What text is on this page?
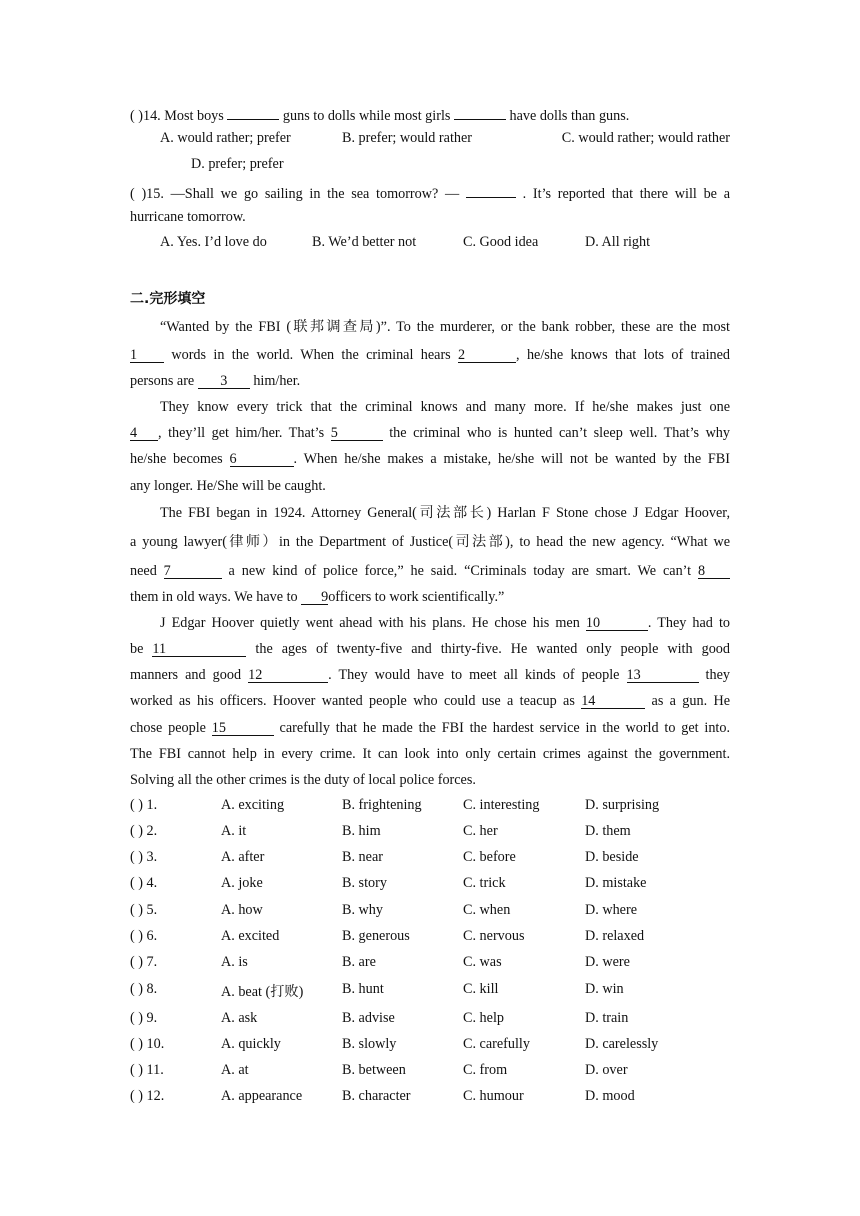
( )14. Most boys	guns to dolls while most girls	have dolls than guns.
A. would rather; prefer	B. prefer; would rather	C. would rather; would rather
D. prefer; prefer
( )15. —Shall we go sailing in the sea tomorrow? —	. It’s reported that there will be a
hurricane tomorrow.
A. Yes. I’d love do	B. We’d better not	C. Good idea	D. All right
二.完形填空
“Wanted by the FBI (联邦调查局)”. To the murderer, or the bank robber, these are the most
1 words in the world. When the criminal hears 2	, he/she knows that lots of trained
persons are 3 him/her.
They know every trick that the criminal knows and many more. If he/she makes just one
4 , they’ll get him/her. That’s 5	the criminal who is hunted can’t sleep well. That’s why
he/she becomes 6	. When he/she makes a mistake, he/she will not be wanted by the FBI
any longer. He/She will be caught.
The FBI began in 1924. Attorney General(司法部长) Harlan F Stone chose J Edgar Hoover,
a young lawyer(律师）in the Department of Justice(司法部), to head the new agency. “What we
need 7	a new kind of police force,” he said. “Criminals today are smart. We can’t 8
them in old ways. We have to 9officers to work scientifically.”
J Edgar Hoover quietly went ahead with his plans. He chose his men 10	. They had to
be 11	the ages of twenty-five and thirty-five. He wanted only people with good
manners and good 12	. They would have to meet all kinds of people 13	they
worked as his officers. Hoover wanted people who could use a teacup as 14	as a gun. He
chose people 15	carefully that he made the FBI the hardest service in the world to get into.
The FBI cannot help in every crime. It can look into only certain crimes against the government.
Solving all the other crimes is the duty of local police forces.
( ) 1.	A. exciting	B. frightening	C. interesting	D. surprising
( ) 2.	A. it	B. him	C. her	D. them
( ) 3.	A. after	B. near	C. before	D. beside
( ) 4.	A. joke	B. story	C. trick	D. mistake
( ) 5.	A. how	B. why	C. when	D. where
( ) 6.	A. excited	B. generous	C. nervous	D. relaxed
( ) 7.	A. is	B. are	C. was	D. were
( ) 8.	A. beat (打败)	B. hunt	C. kill	D. win
( ) 9.	A. ask	B. advise	C. help	D. train
( ) 10.	A. quickly	B. slowly	C. carefully	D. carelessly
( ) 11.	A. at	B. between	C. from	D. over
( ) 12.	A. appearance	B. character	C. humour	D. mood
